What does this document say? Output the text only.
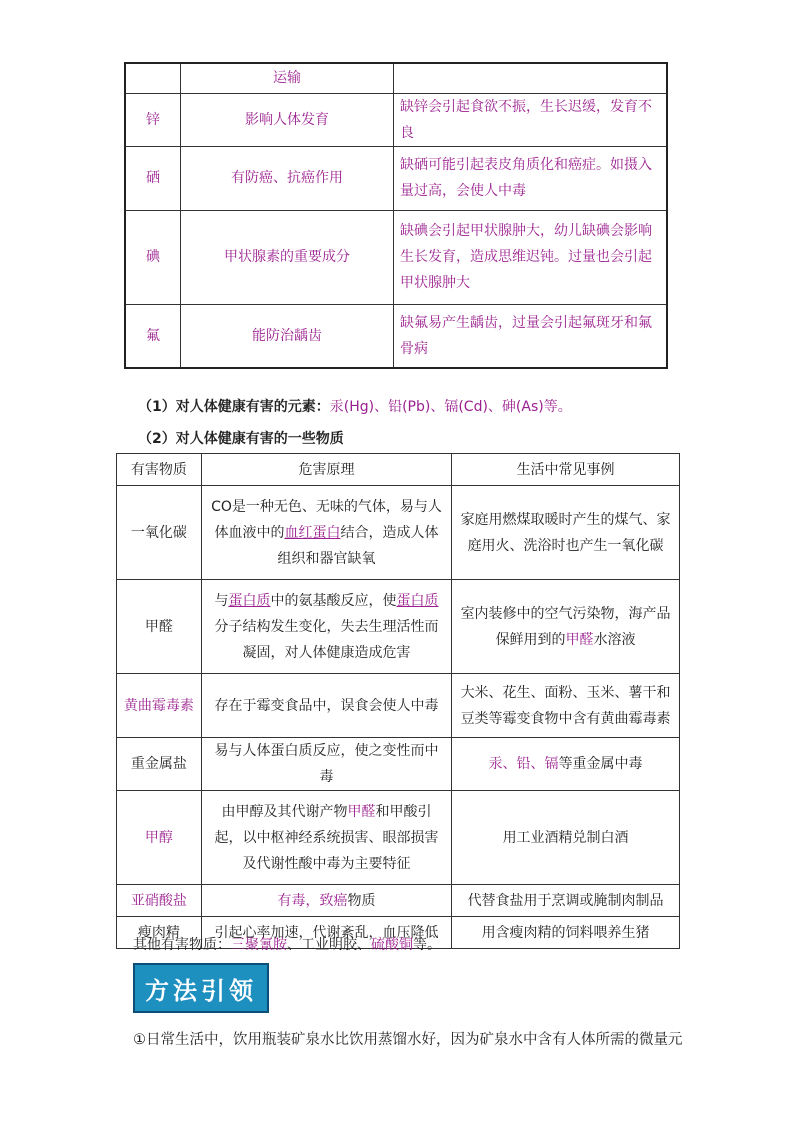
	运输	
锌	影响人体发育	缺锌会引起食欲不振，生长迟缓，发育不良
硒	有防癌、抗癌作用	缺硒可能引起表皮角质化和癌症。如摄入量过高，会使人中毒
碘	甲状腺素的重要成分	缺碘会引起甲状腺肿大，幼儿缺碘会影响生长发育，造成思维迟钝。过量也会引起甲状腺肿大
氟	能防治龋齿	缺氟易产生龋齿，过量会引起氟斑牙和氟骨病
（1）对人体健康有害的元素：汞(Hg)、铅(Pb)、镉(Cd)、砷(As)等。
（2）对人体健康有害的一些物质
有害物质	危害原理	生活中常见事例
一氧化碳	CO是一种无色、无味的气体，易与人体血液中的血红蛋白结合，造成人体组织和器官缺氧	家庭用燃煤取暖时产生的煤气、家庭用火、洗浴时也产生一氧化碳
甲醛	与蛋白质中的氨基酸反应，使蛋白质分子结构发生变化，失去生理活性而凝固，对人体健康造成危害	室内装修中的空气污染物，海产品保鲜用到的甲醛水溶液
黄曲霉毒素	存在于霉变食品中，误食会使人中毒	大米、花生、面粉、玉米、薯干和豆类等霉变食物中含有黄曲霉毒素
重金属盐	易与人体蛋白质反应，使之变性而中毒	汞、铅、镉等重金属中毒
甲醇	由甲醇及其代谢产物甲醛和甲酸引起，以中枢神经系统损害、眼部损害及代谢性酸中毒为主要特征	用工业酒精兑制白酒
亚硝酸盐	有毒，致癌物质	代替食盐用于烹调或腌制肉制品
瘦肉精	引起心率加速，代谢紊乱，血压降低	用含瘦肉精的饲料喂养生猪
其他有害物质：三聚氰胺、工业明胶、硫酸铜等。
方法引领
①日常生活中，饮用瓶装矿泉水比饮用蒸馏水好，因为矿泉水中含有人体所需的微量元
